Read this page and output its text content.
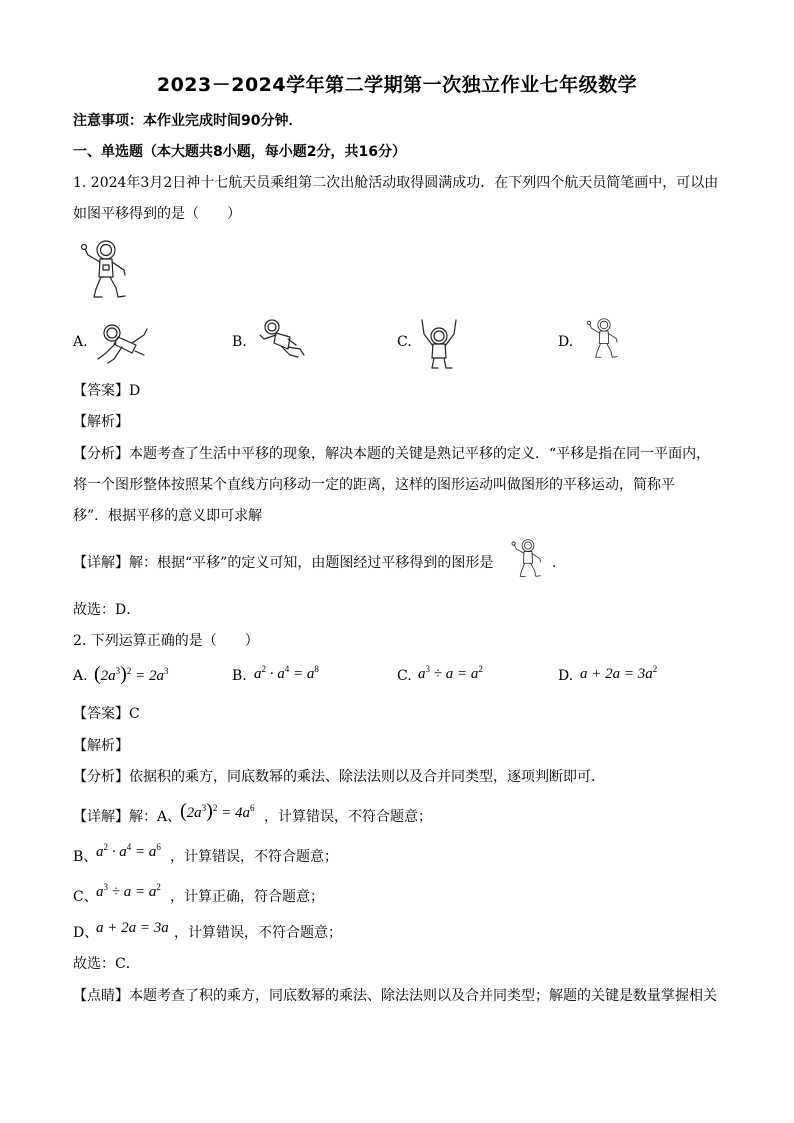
2023－2024学年第二学期第一次独立作业七年级数学
注意事项：本作业完成时间90分钟．
一、单选题（本大题共8小题，每小题2分，共16分）
1. 2024年3月2日神十七航天员乘组第二次出舱活动取得圆满成功．在下列四个航天员简笔画中，可以由
如图平移得到的是（　　）
A.	B.	C.	D.
【答案】D
【解析】
【分析】本题考查了生活中平移的现象，解决本题的关键是熟记平移的定义．“平移是指在同一平面内，
将一个图形整体按照某个直线方向移动一定的距离，这样的图形运动叫做图形的平移运动，简称平
移”．根据平移的意义即可求解
【详解】解：根据“平移”的定义可知，由题图经过平移得到的图形是	．
故选：D．
2. 下列运算正确的是（　　）
A. $(2a^3)^2 = 2a^3$	B. $a^2 \cdot a^4 = a^8$	C. $a^3 \div a = a^2$	D. $a + 2a = 3a^2$
【答案】C
【解析】
【分析】依据积的乘方，同底数幂的乘法、除法法则以及合并同类型，逐项判断即可．
【详解】解：A、
$(2a^3)^2 = 4a^6$
，计算错误，不符合题意；
B、
$a^2 \cdot a^4 = a^6$
，计算错误，不符合题意；
C、
$a^3 \div a = a^2$
，计算正确，符合题意；
D、
a + 2a = 3a ，计算错误，不符合题意；
故选：C．
【点睛】本题考查了积的乘方，同底数幂的乘法、除法法则以及合并同类型；解题的关键是数量掌握相关
